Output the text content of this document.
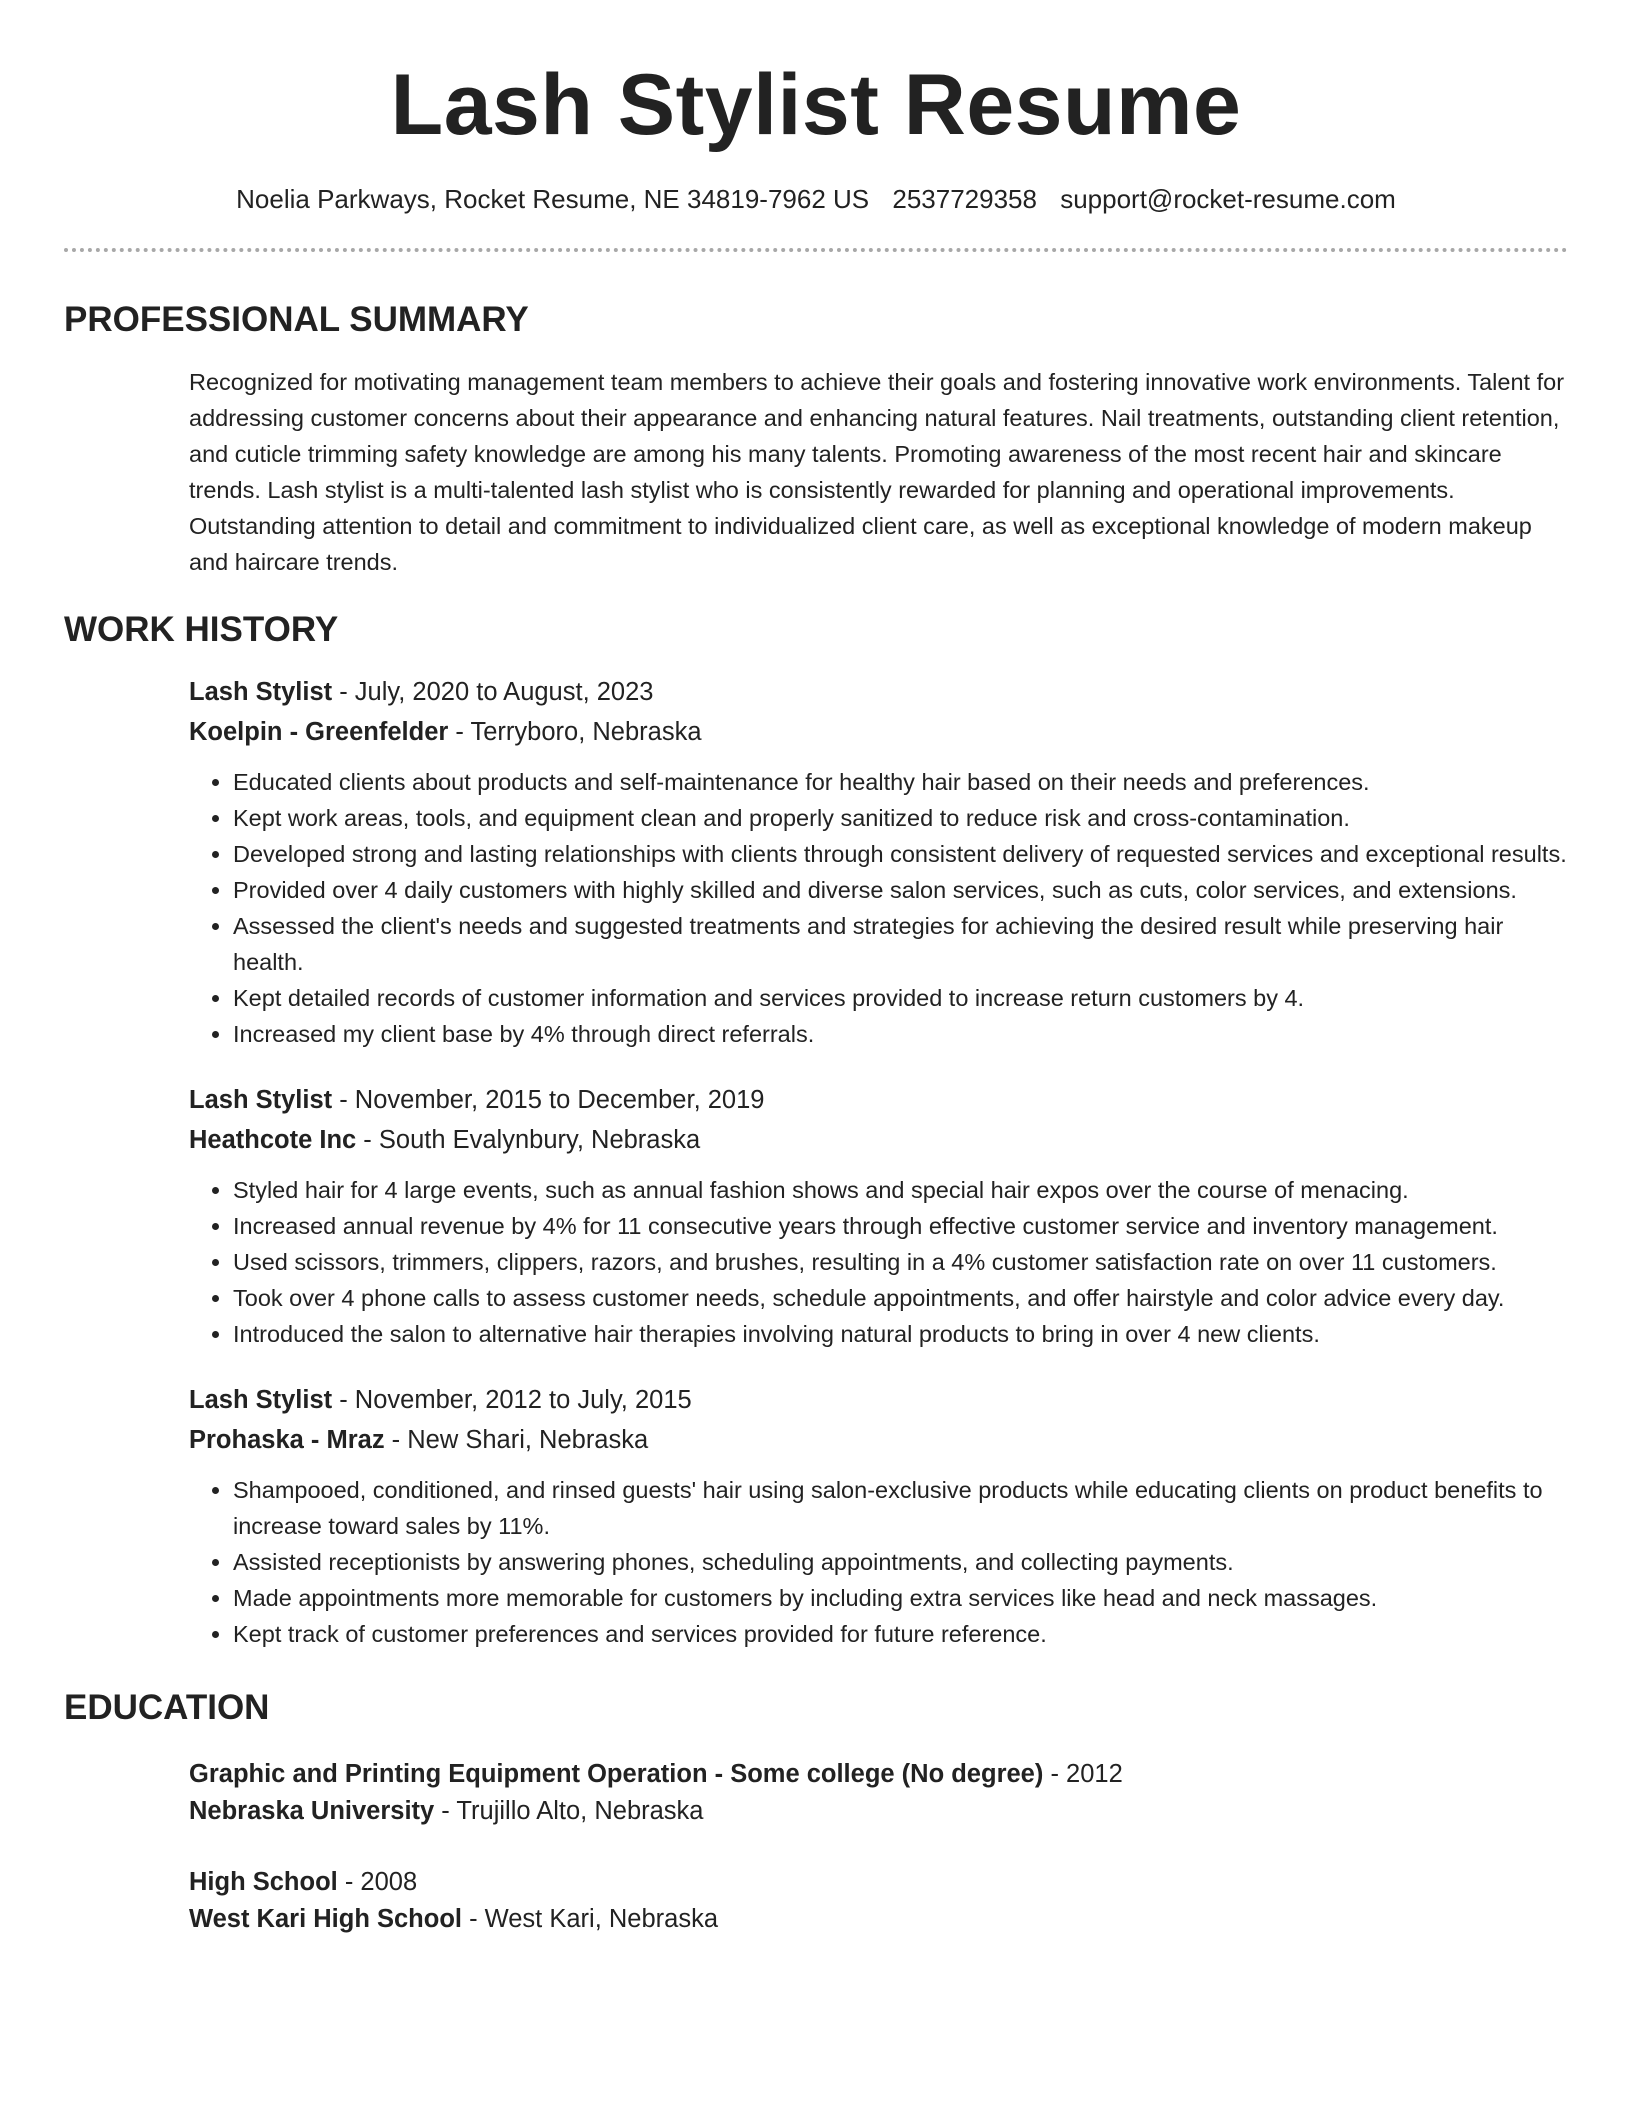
Lash Stylist Resume
Noelia Parkways, Rocket Resume, NE 34819-7962 US 2537729358 support@rocket-resume.com
PROFESSIONAL SUMMARY

Recognized for motivating management team members to achieve their goals and fostering innovative work environments. Talent for addressing customer concerns about their appearance and enhancing natural features. Nail treatments, outstanding client retention, and cuticle trimming safety knowledge are among his many talents. Promoting awareness of the most recent hair and skincare trends. Lash stylist is a multi-talented lash stylist who is consistently rewarded for planning and operational improvements. Outstanding attention to detail and commitment to individualized client care, as well as exceptional knowledge of modern makeup and haircare trends.

WORK HISTORY
Lash Stylist - July, 2020 to August, 2023
Koelpin - Greenfelder - Terryboro, Nebraska
• Educated clients about products and self-maintenance for healthy hair based on their needs and preferences.
• Kept work areas, tools, and equipment clean and properly sanitized to reduce risk and cross-contamination.
• Developed strong and lasting relationships with clients through consistent delivery of requested services and exceptional results.
• Provided over 4 daily customers with highly skilled and diverse salon services, such as cuts, color services, and extensions.
• Assessed the client's needs and suggested treatments and strategies for achieving the desired result while preserving hair health.
• Kept detailed records of customer information and services provided to increase return customers by 4.
• Increased my client base by 4% through direct referrals.
Lash Stylist - November, 2015 to December, 2019
Heathcote Inc - South Evalynbury, Nebraska
• Styled hair for 4 large events, such as annual fashion shows and special hair expos over the course of menacing.
• Increased annual revenue by 4% for 11 consecutive years through effective customer service and inventory management.
• Used scissors, trimmers, clippers, razors, and brushes, resulting in a 4% customer satisfaction rate on over 11 customers.
• Took over 4 phone calls to assess customer needs, schedule appointments, and offer hairstyle and color advice every day.
• Introduced the salon to alternative hair therapies involving natural products to bring in over 4 new clients.
Lash Stylist - November, 2012 to July, 2015
Prohaska - Mraz - New Shari, Nebraska
• Shampooed, conditioned, and rinsed guests' hair using salon-exclusive products while educating clients on product benefits to increase toward sales by 11%.
• Assisted receptionists by answering phones, scheduling appointments, and collecting payments.
• Made appointments more memorable for customers by including extra services like head and neck massages.
• Kept track of customer preferences and services provided for future reference.
EDUCATION
Graphic and Printing Equipment Operation - Some college (No degree) - 2012
Nebraska University - Trujillo Alto, Nebraska
High School - 2008
West Kari High School - West Kari, Nebraska
